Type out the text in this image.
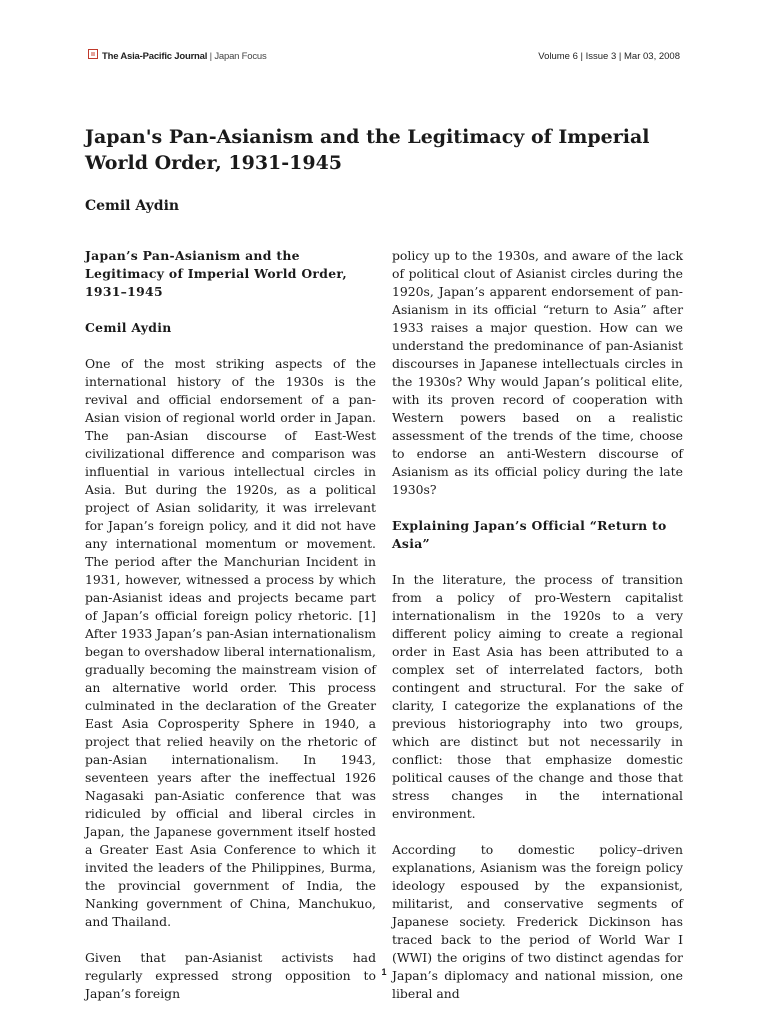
The Asia-Pacific Journal | Japan Focus	Volume 6 | Issue 3 | Mar 03, 2008
Japan's Pan-Asianism and the Legitimacy of Imperial World Order, 1931-1945
Cemil Aydin
Japan’s Pan-Asianism and the Legitimacy of Imperial World Order, 1931–1945
Cemil Aydin

One of the most striking aspects of the international history of the 1930s is the revival and official endorsement of a pan-Asian vision of regional world order in Japan. The pan-Asian discourse of East-West civilizational difference and comparison was influential in various intellectual circles in Asia. But during the 1920s, as a political project of Asian solidarity, it was irrelevant for Japan’s foreign policy, and it did not have any international momentum or movement. The period after the Manchurian Incident in 1931, however, witnessed a process by which pan-Asianist ideas and projects became part of Japan’s official foreign policy rhetoric. [1] After 1933 Japan’s pan-Asian internationalism began to overshadow liberal internationalism, gradually becoming the mainstream vision of an alternative world order. This process culminated in the declaration of the Greater East Asia Coprosperity Sphere in 1940, a project that relied heavily on the rhetoric of pan-Asian internationalism. In 1943, seventeen years after the ineffectual 1926 Nagasaki pan-Asiatic conference that was ridiculed by official and liberal circles in Japan, the Japanese government itself hosted a Greater East Asia Conference to which it invited the leaders of the Philippines, Burma, the provincial government of India, the Nanking government of China, Manchukuo, and Thailand.

Given that pan-Asianist activists had regularly expressed strong opposition to Japan’s foreign

policy up to the 1930s, and aware of the lack of political clout of Asianist circles during the 1920s, Japan’s apparent endorsement of pan-Asianism in its official “return to Asia” after 1933 raises a major question. How can we understand the predominance of pan-Asianist discourses in Japanese intellectuals circles in the 1930s? Why would Japan’s political elite, with its proven record of cooperation with Western powers based on a realistic assessment of the trends of the time, choose to endorse an anti-Western discourse of Asianism as its official policy during the late 1930s?

Explaining Japan’s Official “Return to Asia”

In the literature, the process of transition from a policy of pro-Western capitalist internationalism in the 1920s to a very different policy aiming to create a regional order in East Asia has been attributed to a complex set of interrelated factors, both contingent and structural. For the sake of clarity, I categorize the explanations of the previous historiography into two groups, which are distinct but not necessarily in conflict: those that emphasize domestic political causes of the change and those that stress changes in the international environment.

According to domestic policy–driven explanations, Asianism was the foreign policy ideology espoused by the expansionist, militarist, and conservative segments of Japanese society. Frederick Dickinson has traced back to the period of World War I (WWI) the origins of two distinct agendas for Japan’s diplomacy and national mission, one liberal and

1
